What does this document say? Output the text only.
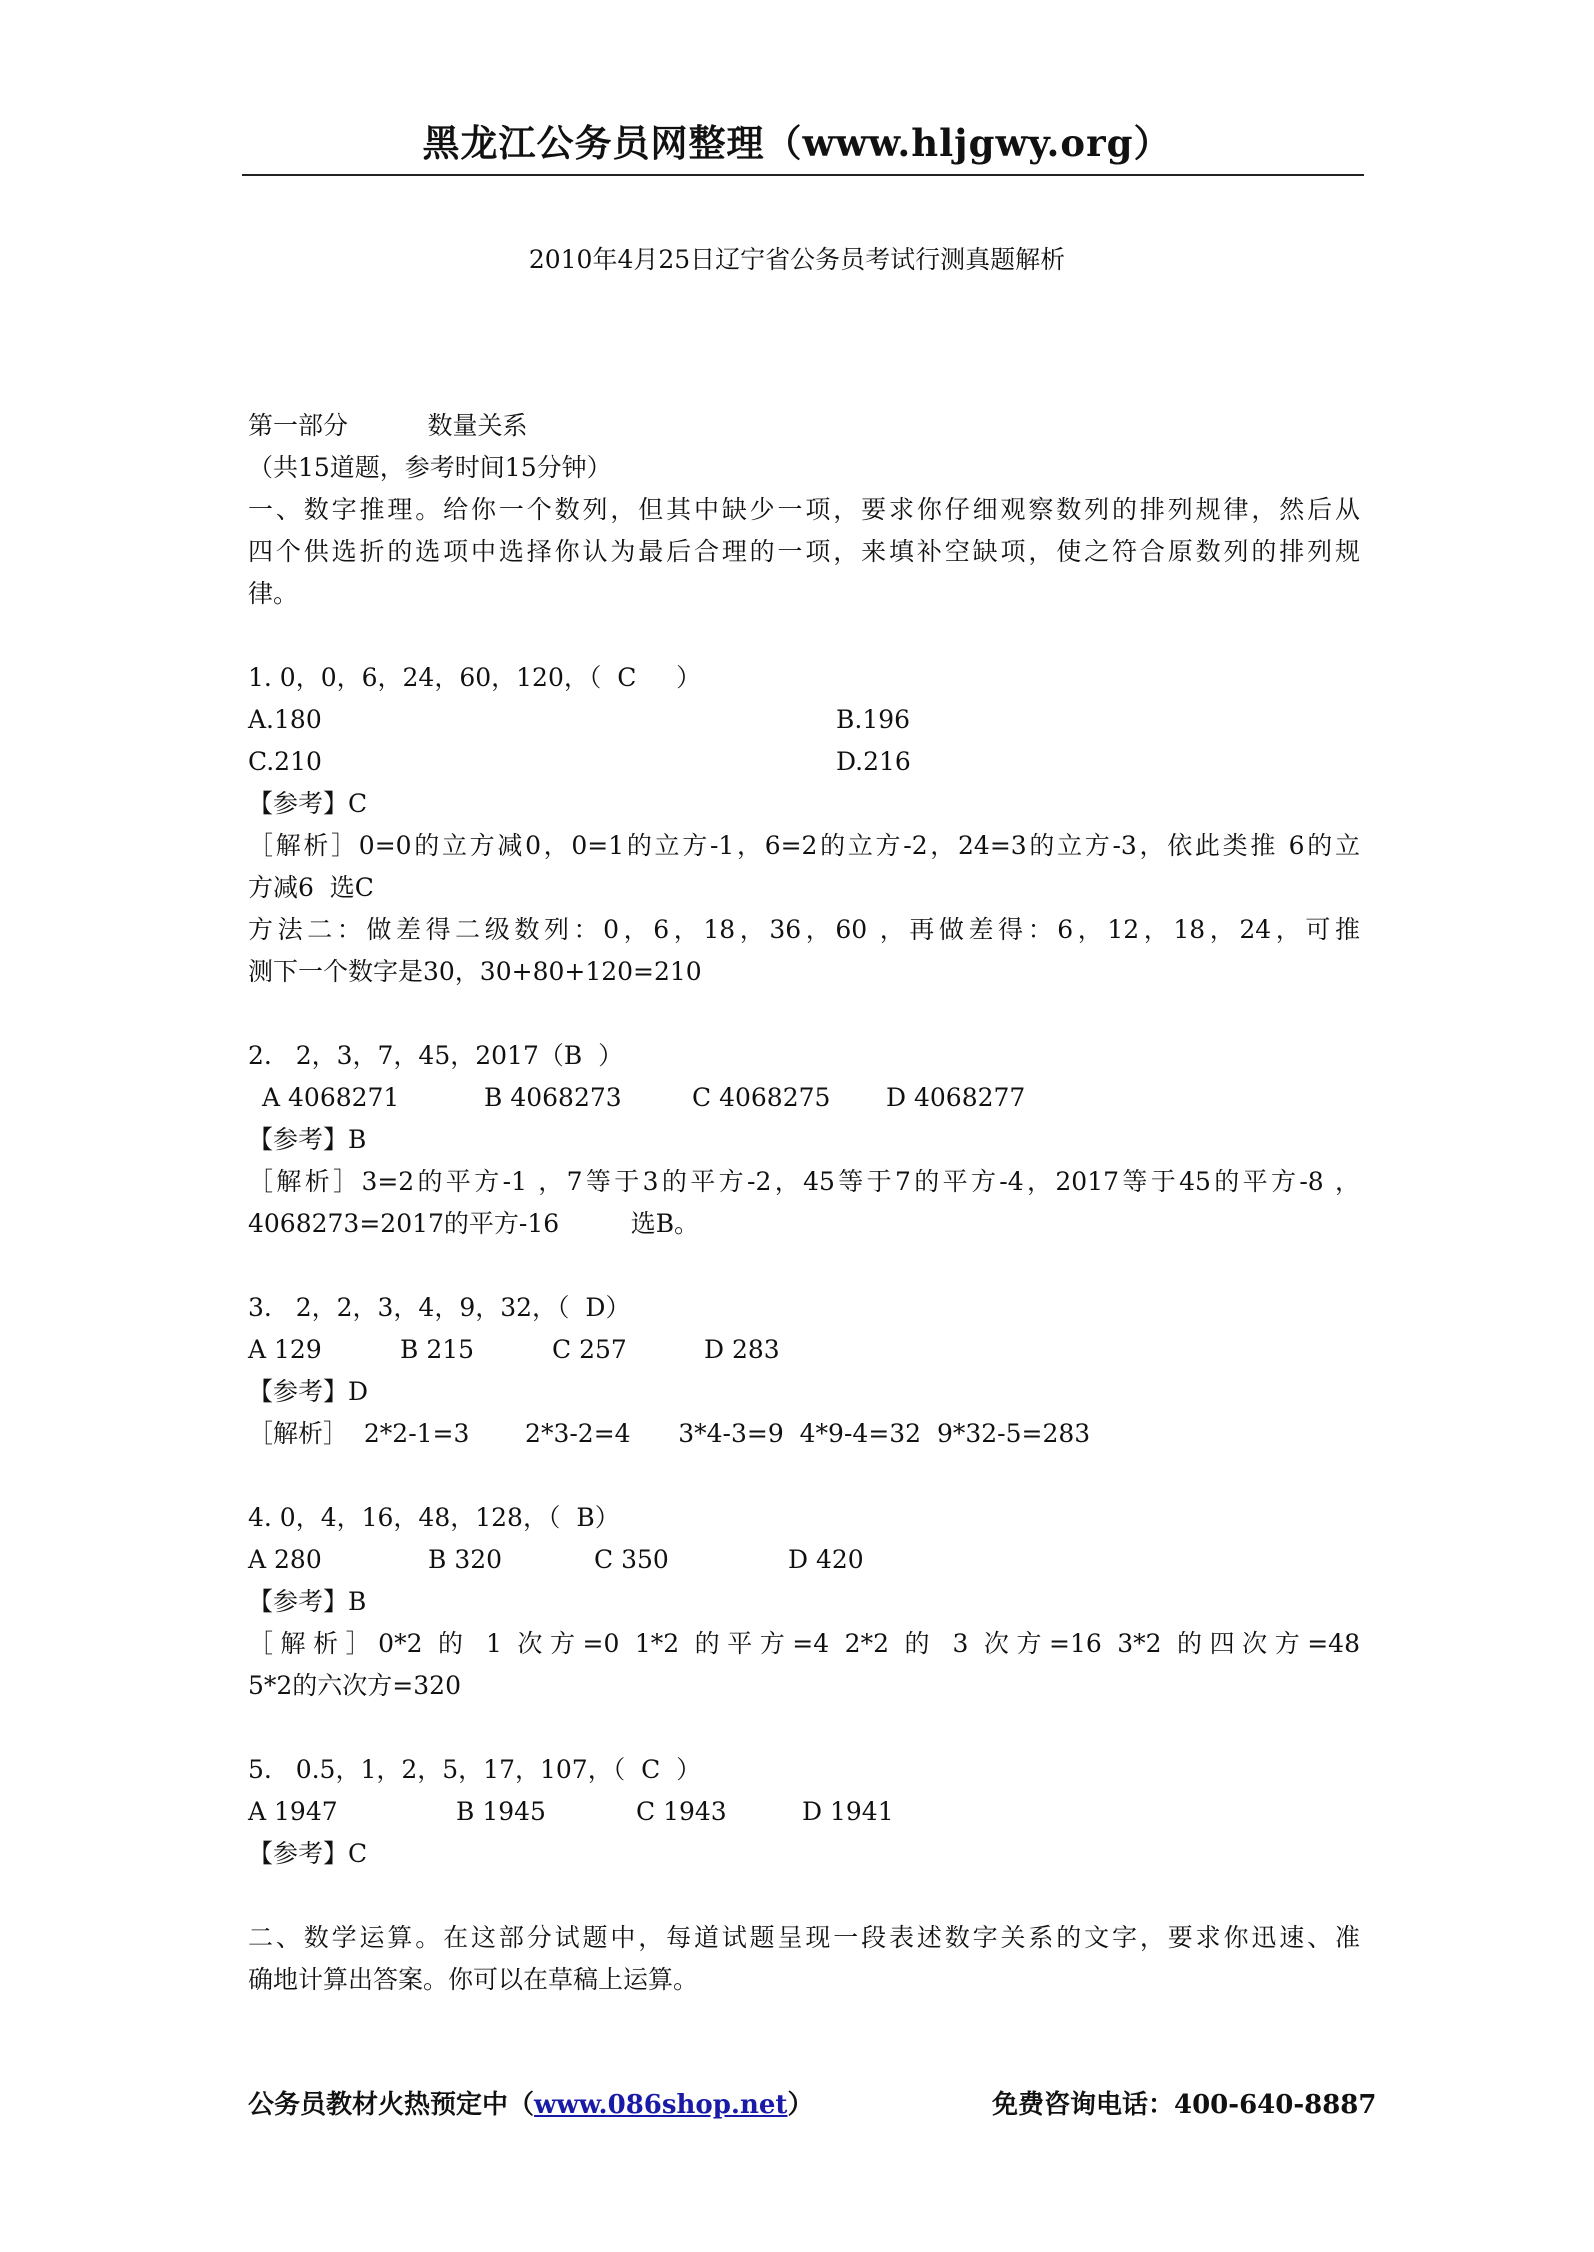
黑龙江公务员网整理（www.hljgwy.org）
2010年4月25日辽宁省公务员考试行测真题解析
第一部分          数量关系
（共15道题，参考时间15分钟）
一、数字推理。给你一个数列，但其中缺少一项，要求你仔细观察数列的排列规律，然后从
四个供选折的选项中选择你认为最后合理的一项，来填补空缺项，使之符合原数列的排列规
律。
1. 0，0，6，24，60，120，（  C     ）
A.180	B.196
C.210	D.216
【参考】C
［解析］0=0的立方减0，0=1的立方-1，6=2的立方-2，24=3的立方-3，依此类推 6的立
方减6  选C
方法二：做差得二级数列：0，6，18，36，60 ，再做差得：6，12，18，24，可推
测下一个数字是30，30+80+120=210
2.   2，3，7，45，2017（B  ）
A 4068271	B 4068273	C 4068275 D 4068277
【参考】B
［解析］3=2的平方-1 ，7等于3的平方-2，45等于7的平方-4，2017等于45的平方-8 ，
4068273=2017的平方-16         选B。
3.   2，2，3，4，9，32，（  D）
A 129	B 215	C 257	D 283
【参考】D
［解析］  2*2-1=3       2*3-2=4      3*4-3=9  4*9-4=32  9*32-5=283
4. 0，4，16，48，128，（  B）
A 280	B 320	C 350	D 420
【参考】B
［解析］0*2 的 1 次方=0 1*2 的平方=4 2*2 的 3 次方=16 3*2 的四次方=48
5*2的六次方=320
5.   0.5，1，2，5，17，107，（  C  ）
A 1947	B 1945	C 1943	D 1941
【参考】C
二、数学运算。在这部分试题中，每道试题呈现一段表述数字关系的文字，要求你迅速、准
确地计算出答案。你可以在草稿上运算。
公务员教材火热预定中（www.086shop.net）	免费咨询电话：400-640-8887
